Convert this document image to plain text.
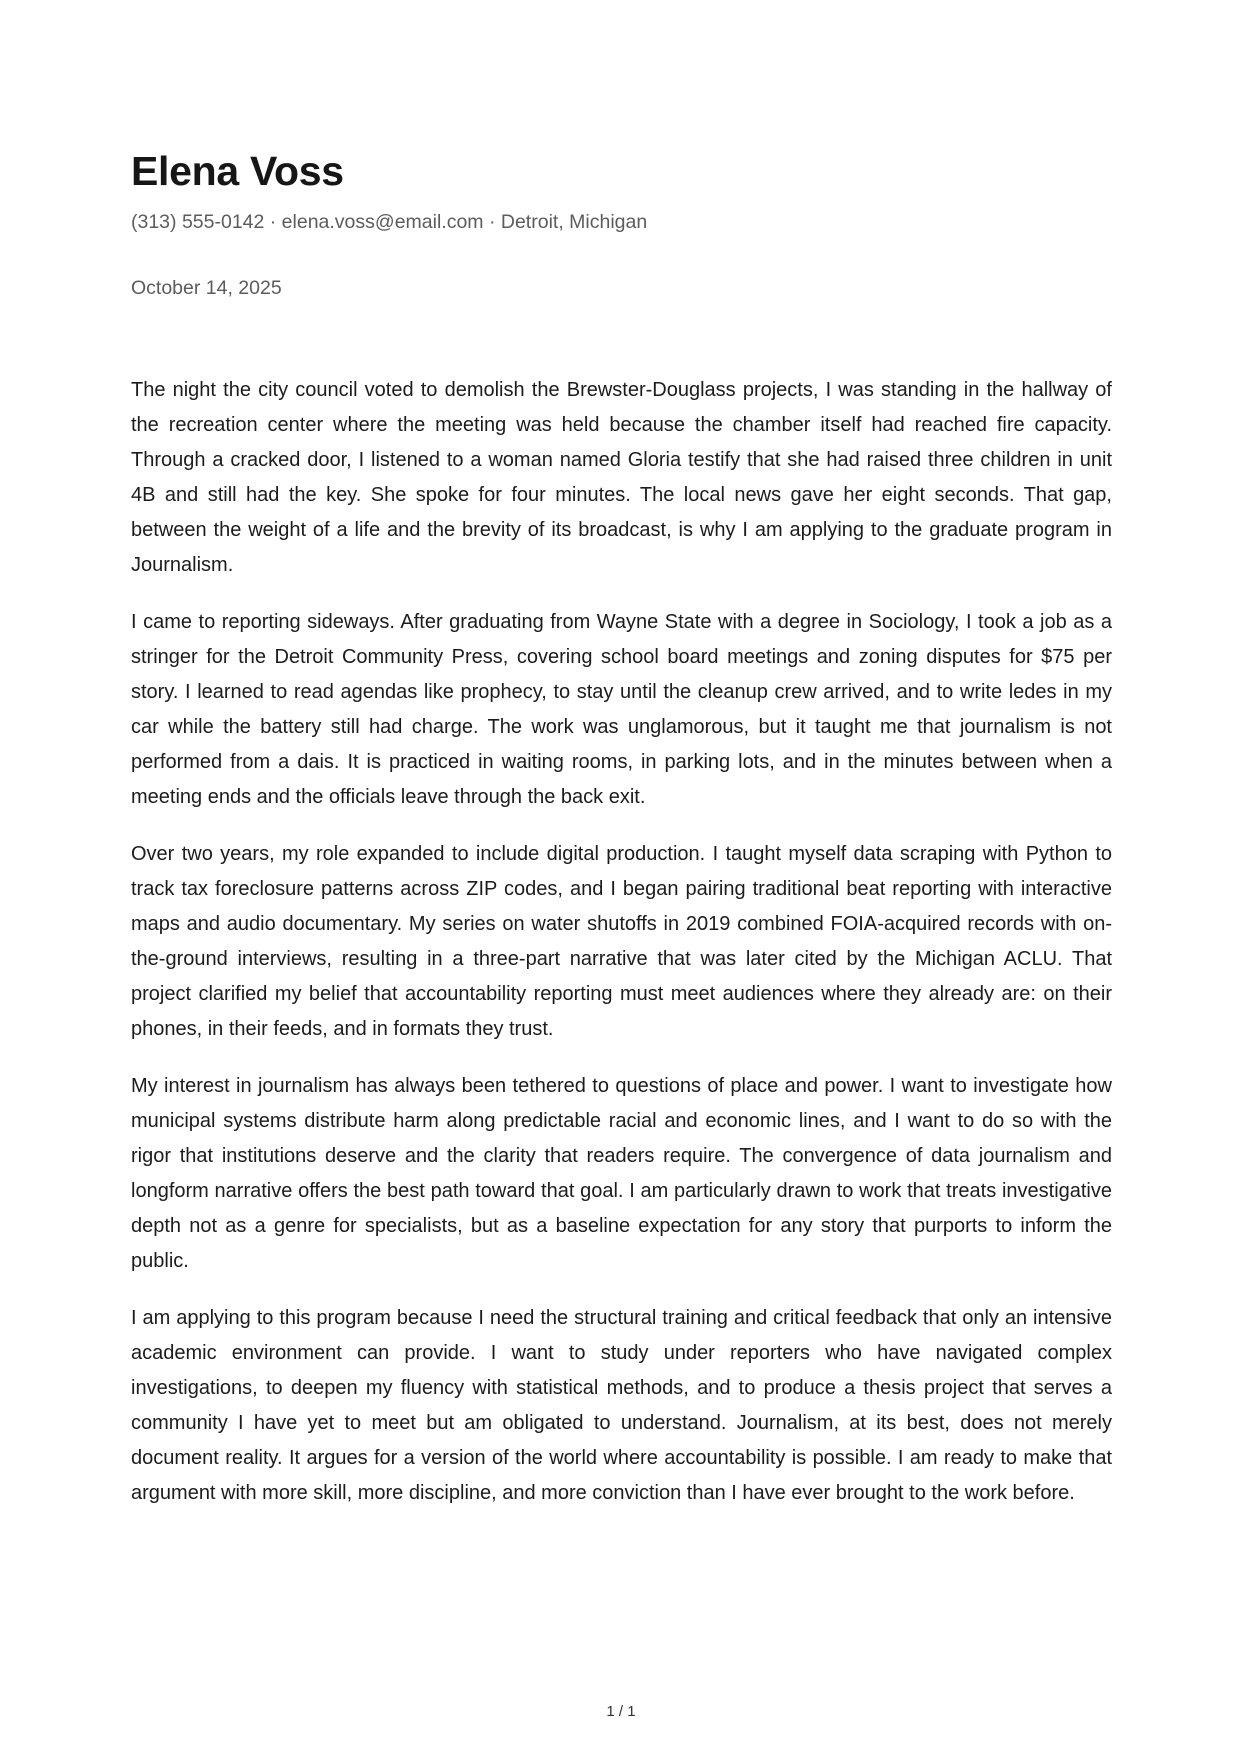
Elena Voss
(313) 555-0142 · elena.voss@email.com · Detroit, Michigan
October 14, 2025

The night the city council voted to demolish the Brewster-Douglass projects, I was standing in the hallway of the recreation center where the meeting was held because the chamber itself had reached fire capacity. Through a cracked door, I listened to a woman named Gloria testify that she had raised three children in unit 4B and still had the key. She spoke for four minutes. The local news gave her eight seconds. That gap, between the weight of a life and the brevity of its broadcast, is why I am applying to the graduate program in Journalism.

I came to reporting sideways. After graduating from Wayne State with a degree in Sociology, I took a job as a stringer for the Detroit Community Press, covering school board meetings and zoning disputes for $75 per story. I learned to read agendas like prophecy, to stay until the cleanup crew arrived, and to write ledes in my car while the battery still had charge. The work was unglamorous, but it taught me that journalism is not performed from a dais. It is practiced in waiting rooms, in parking lots, and in the minutes between when a meeting ends and the officials leave through the back exit.

Over two years, my role expanded to include digital production. I taught myself data scraping with Python to track tax foreclosure patterns across ZIP codes, and I began pairing traditional beat reporting with interactive maps and audio documentary. My series on water shutoffs in 2019 combined FOIA-acquired records with on-the-ground interviews, resulting in a three-part narrative that was later cited by the Michigan ACLU. That project clarified my belief that accountability reporting must meet audiences where they already are: on their phones, in their feeds, and in formats they trust.

My interest in journalism has always been tethered to questions of place and power. I want to investigate how municipal systems distribute harm along predictable racial and economic lines, and I want to do so with the rigor that institutions deserve and the clarity that readers require. The convergence of data journalism and longform narrative offers the best path toward that goal. I am particularly drawn to work that treats investigative depth not as a genre for specialists, but as a baseline expectation for any story that purports to inform the public.

I am applying to this program because I need the structural training and critical feedback that only an intensive academic environment can provide. I want to study under reporters who have navigated complex investigations, to deepen my fluency with statistical methods, and to produce a thesis project that serves a community I have yet to meet but am obligated to understand. Journalism, at its best, does not merely document reality. It argues for a version of the world where accountability is possible. I am ready to make that argument with more skill, more discipline, and more conviction than I have ever brought to the work before.

1 / 1
